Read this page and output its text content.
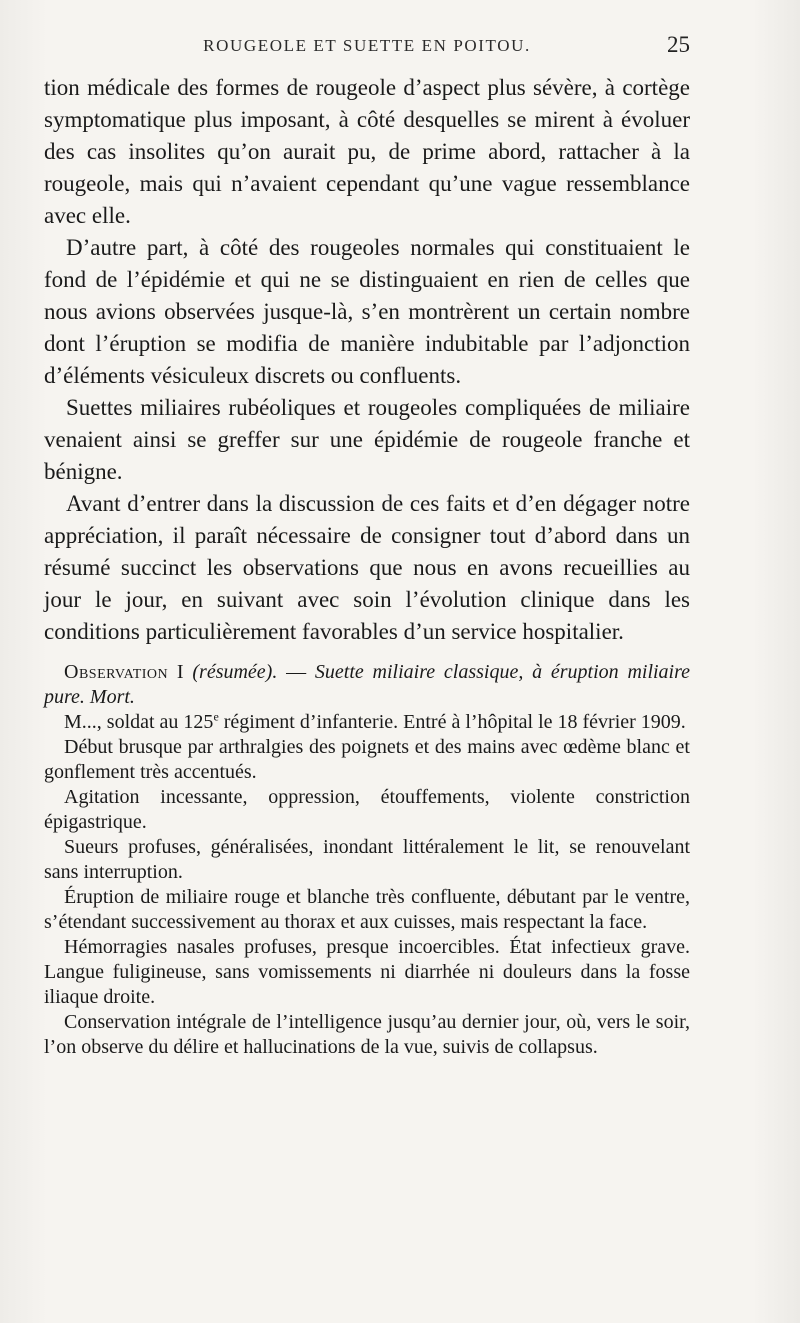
ROUGEOLE ET SUETTE EN POITOU.	25

tion médicale des formes de rougeole d’aspect plus sévère, à cortège symptomatique plus imposant, à côté desquelles se mirent à évoluer des cas insolites qu’on aurait pu, de prime abord, rattacher à la rougeole, mais qui n’avaient cependant qu’une vague ressemblance avec elle.

D’autre part, à côté des rougeoles normales qui constituaient le fond de l’épidémie et qui ne se distinguaient en rien de celles que nous avions observées jusque-là, s’en montrèrent un certain nombre dont l’éruption se modifia de manière indubitable par l’adjonction d’éléments vésiculeux discrets ou confluents.

Suettes miliaires rubéoliques et rougeoles compliquées de miliaire venaient ainsi se greffer sur une épidémie de rougeole franche et bénigne.

Avant d’entrer dans la discussion de ces faits et d’en dégager notre appréciation, il paraît nécessaire de consigner tout d’abord dans un résumé succinct les observations que nous en avons recueillies au jour le jour, en suivant avec soin l’évolution clinique dans les conditions particulièrement favorables d’un service hospitalier.

Observation I (résumée). — Suette miliaire classique, à éruption miliaire pure. Mort.

M..., soldat au 125e régiment d’infanterie. Entré à l’hôpital le 18 février 1909.

Début brusque par arthralgies des poignets et des mains avec œdème blanc et gonflement très accentués.

Agitation incessante, oppression, étouffements, violente constriction épigastrique.

Sueurs profuses, généralisées, inondant littéralement le lit, se renouvelant sans interruption.

Éruption de miliaire rouge et blanche très confluente, débutant par le ventre, s’étendant successivement au thorax et aux cuisses, mais respectant la face.

Hémorragies nasales profuses, presque incoercibles. État infectieux grave. Langue fuligineuse, sans vomissements ni diarrhée ni douleurs dans la fosse iliaque droite.

Conservation intégrale de l’intelligence jusqu’au dernier jour, où, vers le soir, l’on observe du délire et hallucinations de la vue, suivis de collapsus.
